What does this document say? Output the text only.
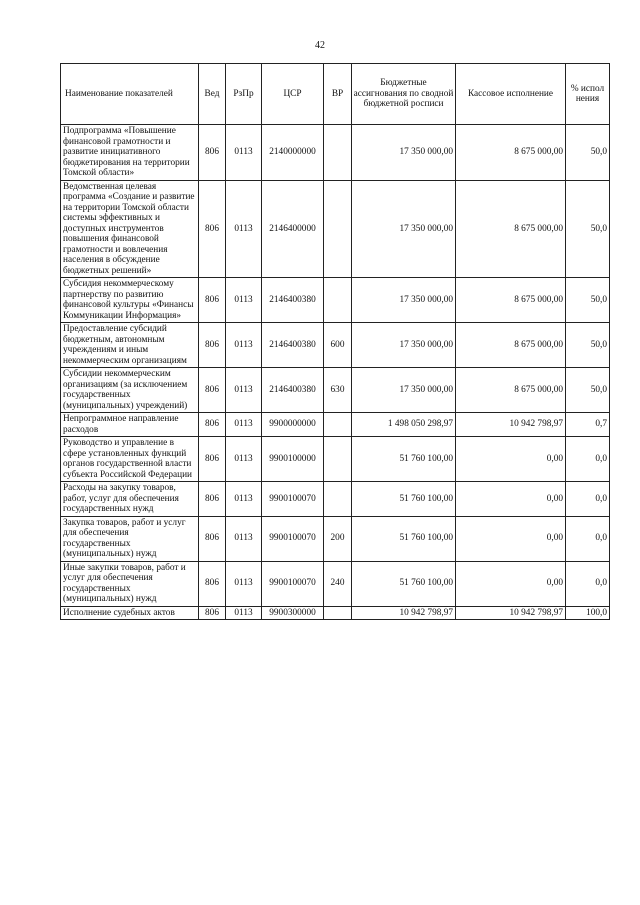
42
Наименование показателей	Вед	РзПр	ЦСР	ВР	Бюджетные ассигнования по сводной бюджетной росписи	Кассовое исполнение	% испол нения
Подпрограмма «Повышение финансовой грамотности и развитие инициативного бюджетирования на территории Томской области»	806	0113	2140000000		17 350 000,00	8 675 000,00	50,0
Ведомственная целевая программа «Создание и развитие на территории Томской области системы эффективных и доступных инструментов повышения финансовой грамотности и вовлечения населения в обсуждение бюджетных решений»	806	0113	2146400000		17 350 000,00	8 675 000,00	50,0
Субсидия некоммерческому партнерству по развитию финансовой культуры «Финансы Коммуникации Информация»	806	0113	2146400380		17 350 000,00	8 675 000,00	50,0
Предоставление субсидий бюджетным, автономным учреждениям и иным некоммерческим организациям	806	0113	2146400380	600	17 350 000,00	8 675 000,00	50,0
Субсидии некоммерческим организациям (за исключением государственных (муниципальных) учреждений)	806	0113	2146400380	630	17 350 000,00	8 675 000,00	50,0
Непрограммное направление расходов	806	0113	9900000000		1 498 050 298,97	10 942 798,97	0,7
Руководство и управление в сфере установленных функций органов государственной власти субъекта Российской Федерации	806	0113	9900100000		51 760 100,00	0,00	0,0
Расходы на закупку товаров, работ, услуг для обеспечения государственных нужд	806	0113	9900100070		51 760 100,00	0,00	0,0
Закупка товаров, работ и услуг для обеспечения государственных (муниципальных) нужд	806	0113	9900100070	200	51 760 100,00	0,00	0,0
Иные закупки товаров, работ и услуг для обеспечения государственных (муниципальных) нужд	806	0113	9900100070	240	51 760 100,00	0,00	0,0
Исполнение судебных актов	806	0113	9900300000		10 942 798,97	10 942 798,97	100,0
